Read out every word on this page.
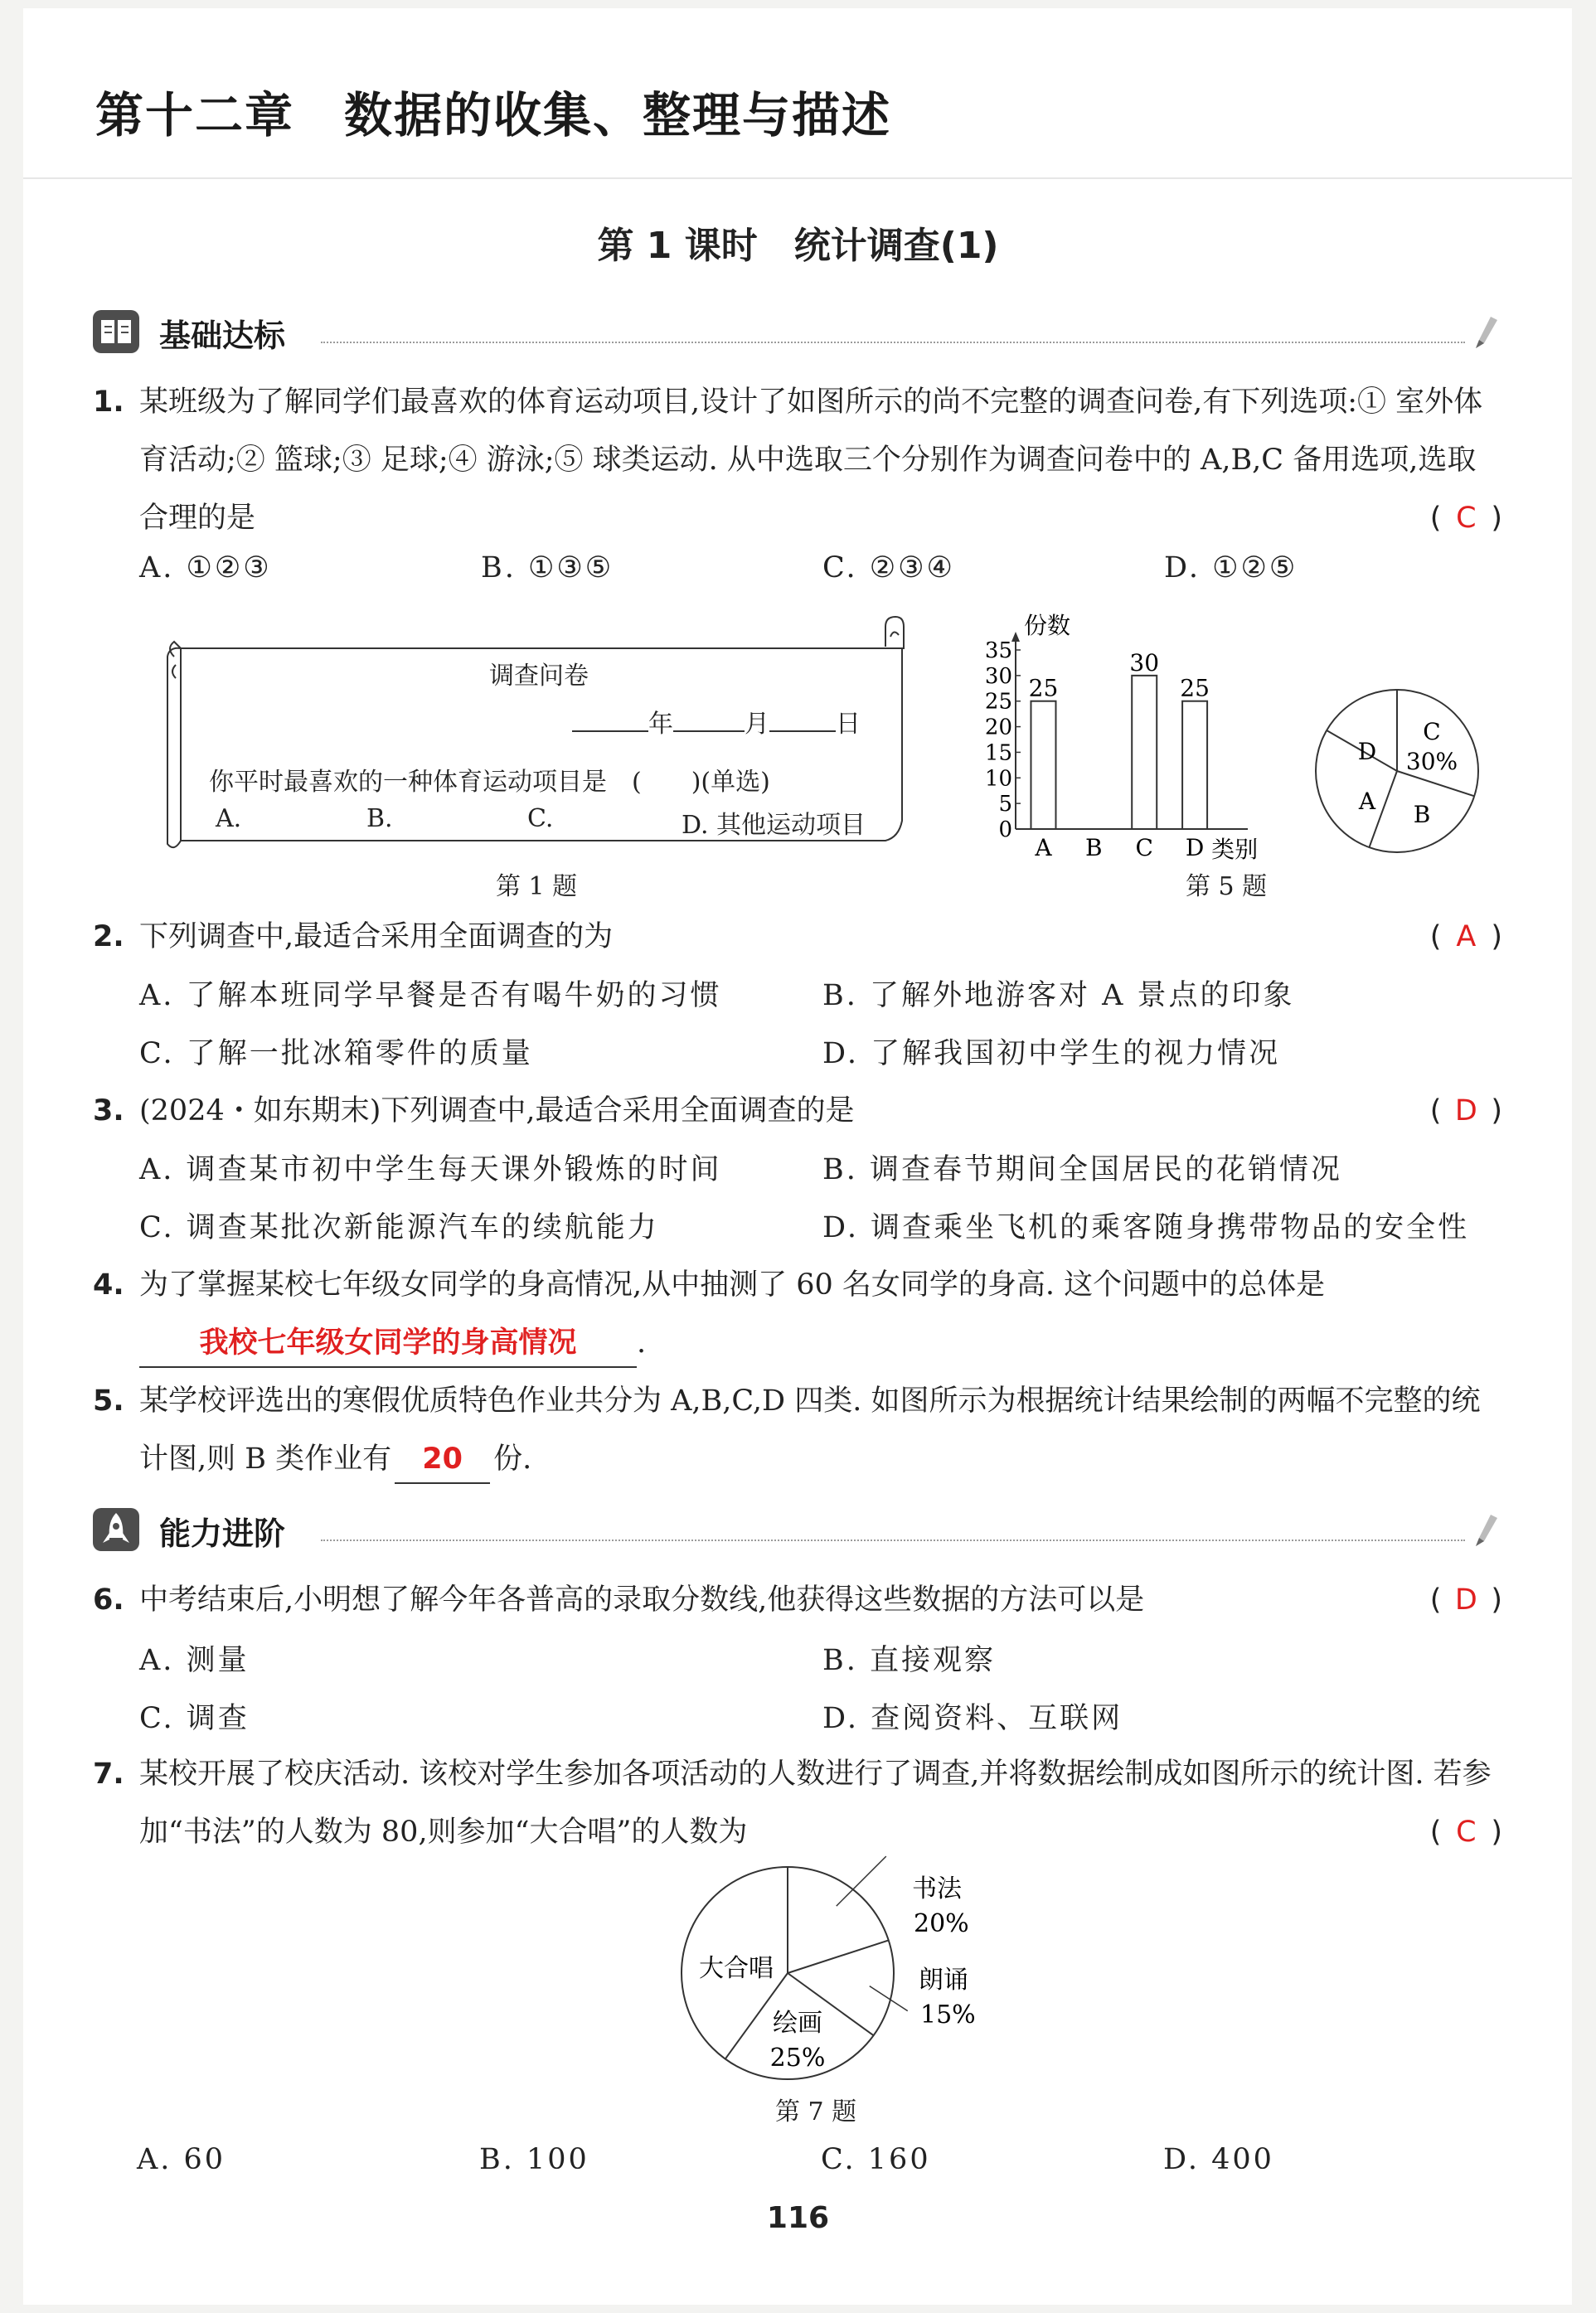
第十二章　数据的收集、整理与描述
第 1 课时　统计调查(1)
基础达标
1. 某班级为了解同学们最喜欢的体育运动项目,设计了如图所示的尚不完整的调查问卷,有下列选项:① 室外体育活动;② 篮球;③ 足球;④ 游泳;⑤ 球类运动. 从中选取三个分别作为调查问卷中的 A,B,C 备用选项,选取合理的是	( C )
A. ①②③	B. ①③⑤	C. ②③④	D. ①②⑤
调查问卷
年	月	日
你平时最喜欢的一种体育运动项目是　(　　)(单选)
A.	B.	C.	D. 其他运动项目
第 1 题
0
5
10
15
20
25
30
35
份数
25
A B
30
C
25
D 类别
C
30%
D
A B
第 5 题
2. 下列调查中,最适合采用全面调查的为	( A )
A. 了解本班同学早餐是否有喝牛奶的习惯	B. 了解外地游客对 A 景点的印象
C. 了解一批冰箱零件的质量	D. 了解我国初中学生的视力情况
3. (2024・如东期末)下列调查中,最适合采用全面调查的是	( D )
A. 调查某市初中学生每天课外锻炼的时间	B. 调查春节期间全国居民的花销情况
C. 调查某批次新能源汽车的续航能力	D. 调查乘坐飞机的乘客随身携带物品的安全性
4. 为了掌握某校七年级女同学的身高情况,从中抽测了 60 名女同学的身高. 这个问题中的总体是
我校七年级女同学的身高情况 .
5. 某学校评选出的寒假优质特色作业共分为 A,B,C,D 四类. 如图所示为根据统计结果绘制的两幅不完整的统计图,则 B 类作业有 20 份.
能力进阶
6. 中考结束后,小明想了解今年各普高的录取分数线,他获得这些数据的方法可以是	( D )
A. 测量	B. 直接观察
C. 调查	D. 查阅资料、互联网
7. 某校开展了校庆活动. 该校对学生参加各项活动的人数进行了调查,并将数据绘制成如图所示的统计图. 若参加“书法”的人数为 80,则参加“大合唱”的人数为	( C )
书法
20%
朗诵
15%
绘画
25%
大合唱
第 7 题
A. 60	B. 100	C. 160	D. 400
116
